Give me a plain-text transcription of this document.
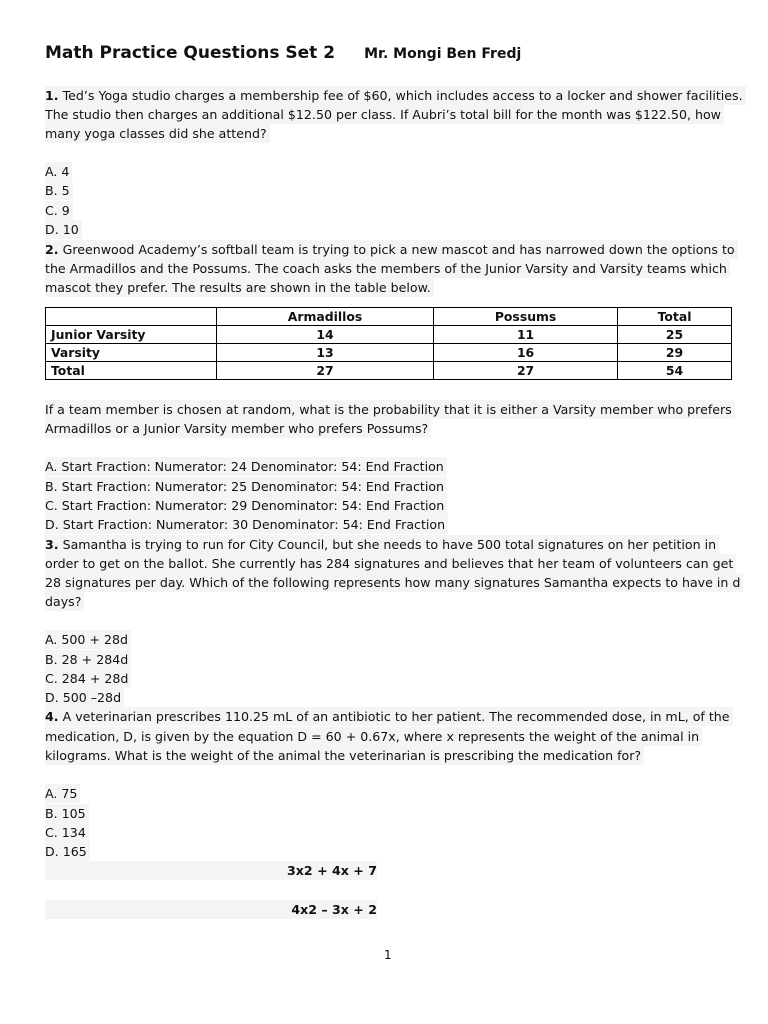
Math Practice Questions Set 2 Mr. Mongi Ben Fredj
1. Ted’s Yoga studio charges a membership fee of $60, which includes access to a locker and shower facilities.
The studio then charges an additional $12.50 per class. If Aubri’s total bill for the month was $122.50, how
many yoga classes did she attend?
A. 4
B. 5
C. 9
D. 10
2. Greenwood Academy’s softball team is trying to pick a new mascot and has narrowed down the options to
the Armadillos and the Possums. The coach asks the members of the Junior Varsity and Varsity teams which
mascot they prefer. The results are shown in the table below.
	Armadillos	Possums	Total
Junior Varsity	14	11	25
Varsity	13	16	29
Total	27	27	54
If a team member is chosen at random, what is the probability that it is either a Varsity member who prefers
Armadillos or a Junior Varsity member who prefers Possums?
A. Start Fraction: Numerator: 24 Denominator: 54: End Fraction
B. Start Fraction: Numerator: 25 Denominator: 54: End Fraction
C. Start Fraction: Numerator: 29 Denominator: 54: End Fraction
D. Start Fraction: Numerator: 30 Denominator: 54: End Fraction
3. Samantha is trying to run for City Council, but she needs to have 500 total signatures on her petition in
order to get on the ballot. She currently has 284 signatures and believes that her team of volunteers can get
28 signatures per day. Which of the following represents how many signatures Samantha expects to have in d
days?
A. 500 + 28d
B. 28 + 284d
C. 284 + 28d
D. 500 –28d
4. A veterinarian prescribes 110.25 mL of an antibiotic to her patient. The recommended dose, in mL, of the
medication, D, is given by the equation D = 60 + 0.67x, where x represents the weight of the animal in
kilograms. What is the weight of the animal the veterinarian is prescribing the medication for?
A. 75
B. 105
C. 134
D. 165
3x2 + 4x + 7
4x2 – 3x + 2
1
